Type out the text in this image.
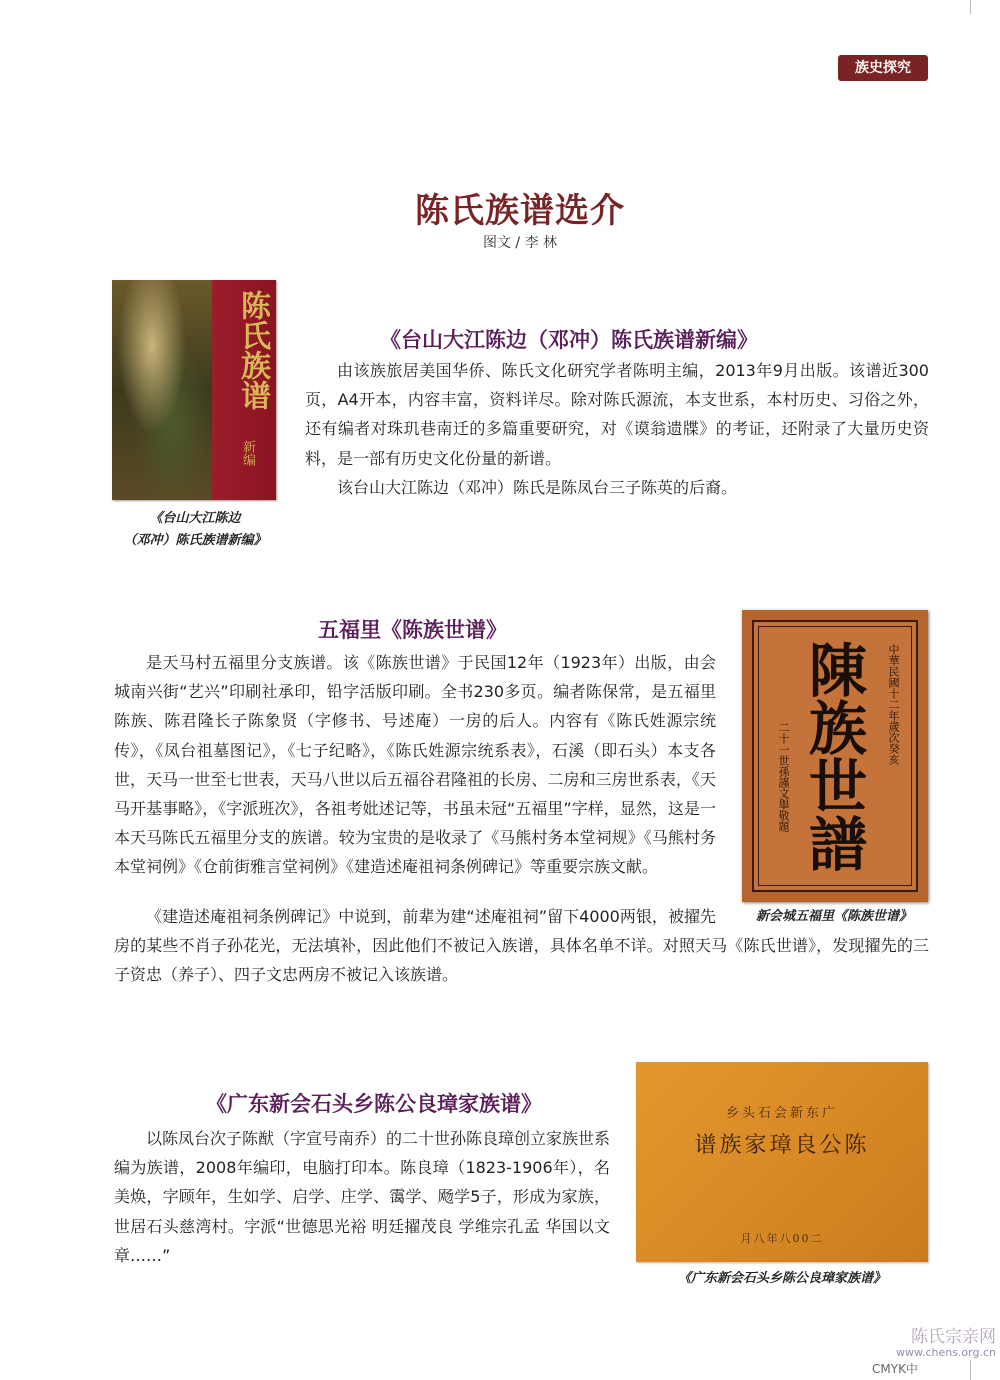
族史探究
陈氏族谱选介
图文 / 李 林
陈氏族谱
新编
《台山大江陈边
（邓冲）陈氏族谱新编》
《台山大江陈边（邓冲）陈氏族谱新编》

由该族旅居美国华侨、陈氏文化研究学者陈明主编，2013年9月出版。该谱近300页，A4开本，内容丰富，资料详尽。除对陈氏源流，本支世系，本村历史、习俗之外，还有编者对珠玑巷南迁的多篇重要研究，对《谟翁遗牒》的考证，还附录了大量历史资料，是一部有历史文化份量的新谱。

该台山大江陈边（邓冲）陈氏是陈凤台三子陈英的后裔。

五福里《陈族世谱》

是天马村五福里分支族谱。该《陈族世谱》于民国12年（1923年）出版，由会城南兴街“艺兴”印刷社承印，铅字活版印刷。全书230多页。编者陈保常，是五福里陈族、陈君隆长子陈象贤（字修书、号述庵）一房的后人。内容有《陈氏姓源宗统传》，《凤台祖墓图记》，《七子纪略》，《陈氏姓源宗统系表》，石溪（即石头）本支各世，天马一世至七世表，天马八世以后五福谷君隆祖的长房、二房和三房世系表，《天马开基事略》，《字派班次》，各祖考妣述记等，书虽未冠“五福里”字样，显然，这是一本天马陈氏五福里分支的族谱。较为宝贵的是收录了《马熊村务本堂祠规》《马熊村务本堂祠例》《仓前街雅言堂祠例》《建造述庵祖祠条例碑记》等重要宗族文献。

《建造述庵祖祠条例碑记》中说到，前辈为建“述庵祖祠”留下4000两银，被擢先房的某些不肖子孙花光，无法填补，因此他们不被记入族谱，具体名单不详。对照天马《陈氏世谱》，发现擢先的三子资忠（养子）、四子文忠两房不被记入该族谱。

陳族世譜	中華民國十二年歲次癸亥
二十一世孫謹文舉敬題
新会城五福里《陈族世谱》
《广东新会石头乡陈公良璋家族谱》

以陈凤台次子陈猷（字宣号南乔）的二十世孙陈良璋创立家族世系编为族谱，2008年编印，电脑打印本。陈良璋（1823-1906年），名美焕，字顾年，生如学、启学、庄学、霭学、飏学5子，形成为家族，世居石头慈湾村。字派“世德思光裕 明廷擢茂良 学维宗孔孟 华国以文章……”

乡头石会新东广
谱族家璋良公陈
月八年八00二
《广东新会石头乡陈公良璋家族谱》
陈氏宗亲网
www.chens.org.cn
CMYK中
